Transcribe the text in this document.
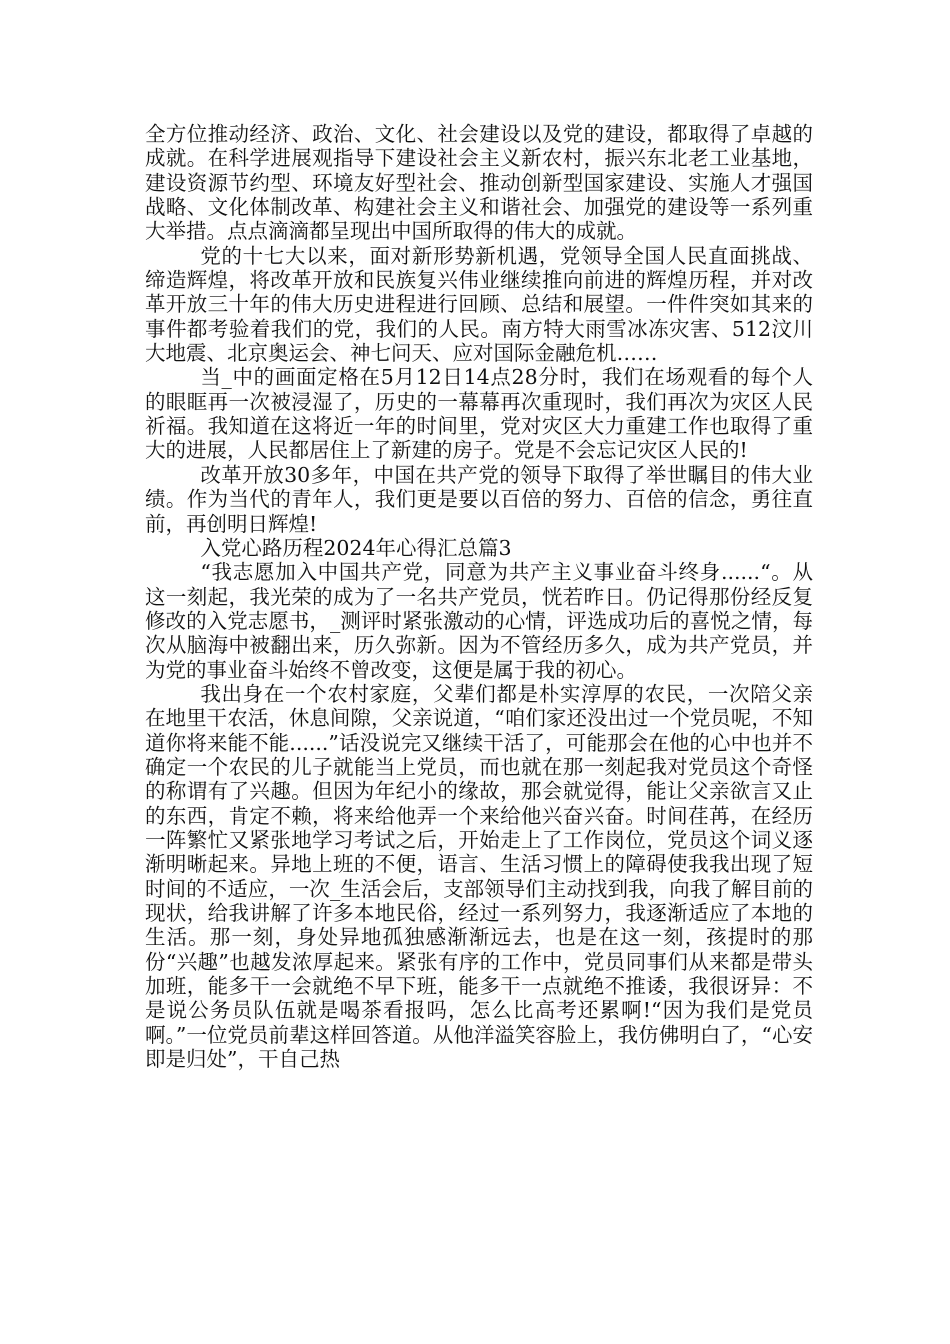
全方位推动经济、政治、文化、社会建设以及党的建设，都取得了卓越的成就。在科学进展观指导下建设社会主义新农村，振兴东北老工业基地，建设资源节约型、环境友好型社会、推动创新型国家建设、实施人才强国战略、文化体制改革、构建社会主义和谐社会、加强党的建设等一系列重大举措。点点滴滴都呈现出中国所取得的伟大的成就。

党的十七大以来，面对新形势新机遇，党领导全国人民直面挑战、缔造辉煌，将改革开放和民族复兴伟业继续推向前进的辉煌历程，并对改革开放三十年的伟大历史进程进行回顾、总结和展望。一件件突如其来的事件都考验着我们的党，我们的人民。南方特大雨雪冰冻灾害、512汶川大地震、北京奥运会、神七问天、应对国际金融危机……

当_中的画面定格在5月12日14点28分时，我们在场观看的每个人的眼眶再一次被浸湿了，历史的一幕幕再次重现时，我们再次为灾区人民祈福。我知道在这将近一年的时间里，党对灾区大力重建工作也取得了重大的进展，人民都居住上了新建的房子。党是不会忘记灾区人民的!

改革开放30多年，中国在共产党的领导下取得了举世瞩目的伟大业绩。作为当代的青年人，我们更是要以百倍的努力、百倍的信念，勇往直前，再创明日辉煌!

入党心路历程2024年心得汇总篇3

“我志愿加入中国共产党，同意为共产主义事业奋斗终身......“。从这一刻起，我光荣的成为了一名共产党员，恍若昨日。仍记得那份经反复修改的入党志愿书，_测评时紧张激动的心情，评选成功后的喜悦之情，每次从脑海中被翻出来，历久弥新。因为不管经历多久，成为共产党员，并为党的事业奋斗始终不曾改变，这便是属于我的初心。

我出身在一个农村家庭，父辈们都是朴实淳厚的农民，一次陪父亲在地里干农活，休息间隙，父亲说道，“咱们家还没出过一个党员呢，不知道你将来能不能......”话没说完又继续干活了，可能那会在他的心中也并不确定一个农民的儿子就能当上党员，而也就在那一刻起我对党员这个奇怪的称谓有了兴趣。但因为年纪小的缘故，那会就觉得，能让父亲欲言又止的东西，肯定不赖，将来给他弄一个来给他兴奋兴奋。时间荏苒，在经历一阵繁忙又紧张地学习考试之后，开始走上了工作岗位，党员这个词义逐渐明晰起来。异地上班的不便，语言、生活习惯上的障碍使我我出现了短时间的不适应，一次_生活会后，支部领导们主动找到我，向我了解目前的现状，给我讲解了许多本地民俗，经过一系列努力，我逐渐适应了本地的生活。那一刻，身处异地孤独感渐渐远去，也是在这一刻，孩提时的那份“兴趣”也越发浓厚起来。紧张有序的工作中，党员同事们从来都是带头加班，能多干一会就绝不早下班，能多干一点就绝不推诿，我很讶异：不是说公务员队伍就是喝茶看报吗，怎么比高考还累啊!“因为我们是党员啊。”一位党员前辈这样回答道。从他洋溢笑容脸上，我仿佛明白了，“心安即是归处”，干自己热
